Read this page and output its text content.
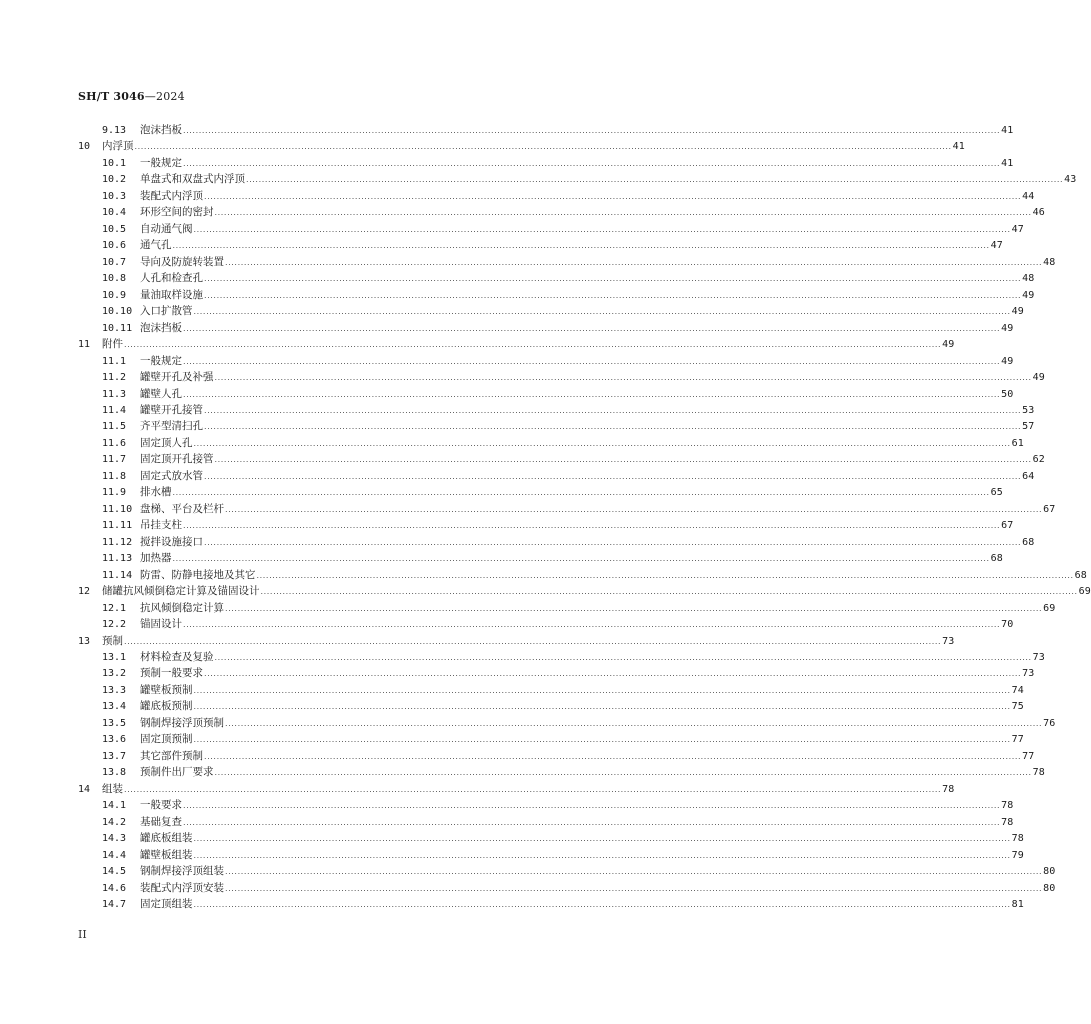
SH/T 3046—2024
9.13	泡沫挡板 .................................................................................................................................................................................................................................................................... 41
10	内浮顶 .................................................................................................................................................................................................................................................................... 41
10.1	一般规定 .................................................................................................................................................................................................................................................................... 41
10.2	单盘式和双盘式内浮顶 .................................................................................................................................................................................................................................................................... 43
10.3	装配式内浮顶 .................................................................................................................................................................................................................................................................... 44
10.4	环形空间的密封 .................................................................................................................................................................................................................................................................... 46
10.5	自动通气阀 .................................................................................................................................................................................................................................................................... 47
10.6	通气孔 .................................................................................................................................................................................................................................................................... 47
10.7	导向及防旋转装置 .................................................................................................................................................................................................................................................................... 48
10.8	人孔和检查孔 .................................................................................................................................................................................................................................................................... 48
10.9	量油取样设施 .................................................................................................................................................................................................................................................................... 49
10.10 入口扩散管 .................................................................................................................................................................................................................................................................... 49
10.11 泡沫挡板 .................................................................................................................................................................................................................................................................... 49
11	附件 .................................................................................................................................................................................................................................................................... 49
11.1	一般规定 .................................................................................................................................................................................................................................................................... 49
11.2	罐壁开孔及补强 .................................................................................................................................................................................................................................................................... 49
11.3	罐壁人孔 .................................................................................................................................................................................................................................................................... 50
11.4	罐壁开孔接管 .................................................................................................................................................................................................................................................................... 53
11.5	齐平型清扫孔 .................................................................................................................................................................................................................................................................... 57
11.6	固定顶人孔 .................................................................................................................................................................................................................................................................... 61
11.7	固定顶开孔接管 .................................................................................................................................................................................................................................................................... 62
11.8	固定式放水管 .................................................................................................................................................................................................................................................................... 64
11.9	排水槽 .................................................................................................................................................................................................................................................................... 65
11.10 盘梯、平台及栏杆 .................................................................................................................................................................................................................................................................... 67
11.11 吊挂支柱 .................................................................................................................................................................................................................................................................... 67
11.12 搅拌设施接口 .................................................................................................................................................................................................................................................................... 68
11.13 加热器 .................................................................................................................................................................................................................................................................... 68
11.14 防雷、防静电接地及其它 .................................................................................................................................................................................................................................................................... 68
12	储罐抗风倾倒稳定计算及锚固设计 .................................................................................................................................................................................................................................................................... 69
12.1	抗风倾倒稳定计算 .................................................................................................................................................................................................................................................................... 69
12.2	锚固设计 .................................................................................................................................................................................................................................................................... 70
13	预制 .................................................................................................................................................................................................................................................................... 73
13.1	材料检查及复验 .................................................................................................................................................................................................................................................................... 73
13.2	预制一般要求 .................................................................................................................................................................................................................................................................... 73
13.3	罐壁板预制 .................................................................................................................................................................................................................................................................... 74
13.4	罐底板预制 .................................................................................................................................................................................................................................................................... 75
13.5	钢制焊接浮顶预制 .................................................................................................................................................................................................................................................................... 76
13.6	固定顶预制 .................................................................................................................................................................................................................................................................... 77
13.7	其它部件预制 .................................................................................................................................................................................................................................................................... 77
13.8	预制件出厂要求 .................................................................................................................................................................................................................................................................... 78
14	组装 .................................................................................................................................................................................................................................................................... 78
14.1	一般要求 .................................................................................................................................................................................................................................................................... 78
14.2	基础复查 .................................................................................................................................................................................................................................................................... 78
14.3	罐底板组装 .................................................................................................................................................................................................................................................................... 78
14.4	罐壁板组装 .................................................................................................................................................................................................................................................................... 79
14.5	钢制焊接浮顶组装 .................................................................................................................................................................................................................................................................... 80
14.6	装配式内浮顶安装 .................................................................................................................................................................................................................................................................... 80
14.7	固定顶组装 .................................................................................................................................................................................................................................................................... 81
II
